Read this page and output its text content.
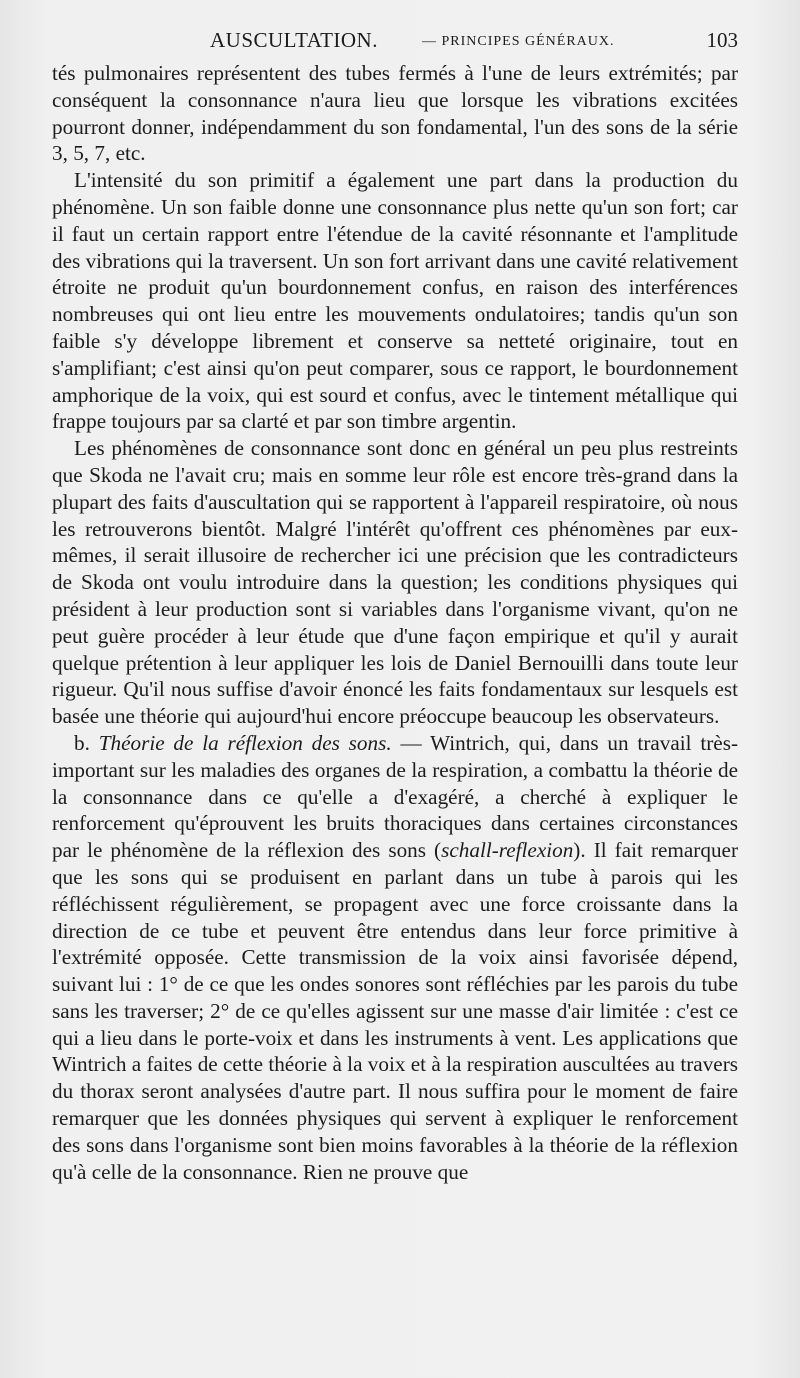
AUSCULTATION.	— PRINCIPES GÉNÉRAUX.	103

tés pulmonaires représentent des tubes fermés à l'une de leurs extrémités; par conséquent la consonnance n'aura lieu que lorsque les vibrations excitées pourront donner, indépendamment du son fondamental, l'un des sons de la série 3, 5, 7, etc.

L'intensité du son primitif a également une part dans la production du phénomène. Un son faible donne une consonnance plus nette qu'un son fort; car il faut un certain rapport entre l'étendue de la cavité résonnante et l'amplitude des vibrations qui la traversent. Un son fort arrivant dans une cavité relativement étroite ne produit qu'un bourdonnement confus, en raison des interférences nombreuses qui ont lieu entre les mouvements ondulatoires; tandis qu'un son faible s'y développe librement et conserve sa netteté originaire, tout en s'amplifiant; c'est ainsi qu'on peut comparer, sous ce rapport, le bourdonnement amphorique de la voix, qui est sourd et confus, avec le tintement métallique qui frappe toujours par sa clarté et par son timbre argentin.

Les phénomènes de consonnance sont donc en général un peu plus restreints que Skoda ne l'avait cru; mais en somme leur rôle est encore très-grand dans la plupart des faits d'auscultation qui se rapportent à l'appareil respiratoire, où nous les retrouverons bientôt. Malgré l'intérêt qu'offrent ces phénomènes par eux-mêmes, il serait illusoire de rechercher ici une précision que les contradicteurs de Skoda ont voulu introduire dans la question; les conditions physiques qui président à leur production sont si variables dans l'organisme vivant, qu'on ne peut guère procéder à leur étude que d'une façon empirique et qu'il y aurait quelque prétention à leur appliquer les lois de Daniel Bernouilli dans toute leur rigueur. Qu'il nous suffise d'avoir énoncé les faits fondamentaux sur lesquels est basée une théorie qui aujourd'hui encore préoccupe beaucoup les observateurs.

b. Théorie de la réflexion des sons. — Wintrich, qui, dans un travail très-important sur les maladies des organes de la respiration, a combattu la théorie de la consonnance dans ce qu'elle a d'exagéré, a cherché à expliquer le renforcement qu'éprouvent les bruits thoraciques dans certaines circonstances par le phénomène de la réflexion des sons (schall-reflexion). Il fait remarquer que les sons qui se produisent en parlant dans un tube à parois qui les réfléchissent régulièrement, se propagent avec une force croissante dans la direction de ce tube et peuvent être entendus dans leur force primitive à l'extrémité opposée. Cette transmission de la voix ainsi favorisée dépend, suivant lui : 1° de ce que les ondes sonores sont réfléchies par les parois du tube sans les traverser; 2° de ce qu'elles agissent sur une masse d'air limitée : c'est ce qui a lieu dans le porte-voix et dans les instruments à vent. Les applications que Wintrich a faites de cette théorie à la voix et à la respiration auscultées au travers du thorax seront analysées d'autre part. Il nous suffira pour le moment de faire remarquer que les données physiques qui servent à expliquer le renforcement des sons dans l'organisme sont bien moins favorables à la théorie de la réflexion qu'à celle de la consonnance. Rien ne prouve que
